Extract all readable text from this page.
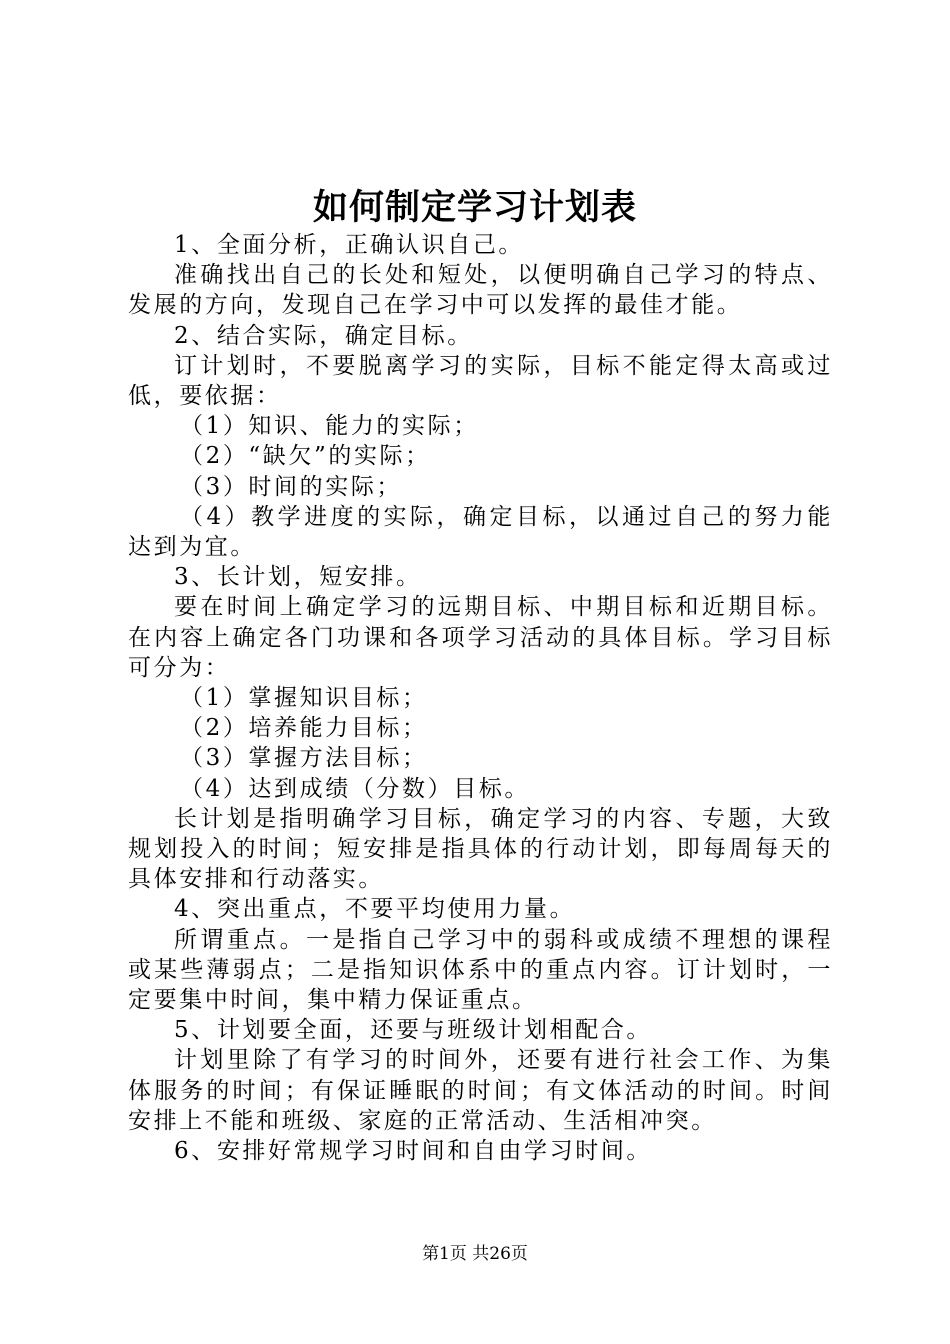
如何制定学习计划表

1、全面分析，正确认识自己。

准确找出自己的长处和短处，以便明确自己学习的特点、发展的方向，发现自己在学习中可以发挥的最佳才能。

2、结合实际，确定目标。

订计划时，不要脱离学习的实际，目标不能定得太高或过低，要依据：

（1）知识、能力的实际；

（2）“缺欠”的实际；

（3）时间的实际；

（4）教学进度的实际，确定目标，以通过自己的努力能达到为宜。

3、长计划，短安排。

要在时间上确定学习的远期目标、中期目标和近期目标。在内容上确定各门功课和各项学习活动的具体目标。学习目标可分为：

（1）掌握知识目标；

（2）培养能力目标；

（3）掌握方法目标；

（4）达到成绩（分数）目标。

长计划是指明确学习目标，确定学习的内容、专题，大致规划投入的时间；短安排是指具体的行动计划，即每周每天的具体安排和行动落实。

4、突出重点，不要平均使用力量。

所谓重点。一是指自己学习中的弱科或成绩不理想的课程或某些薄弱点；二是指知识体系中的重点内容。订计划时，一定要集中时间，集中精力保证重点。

5、计划要全面，还要与班级计划相配合。

计划里除了有学习的时间外，还要有进行社会工作、为集体服务的时间；有保证睡眠的时间；有文体活动的时间。时间安排上不能和班级、家庭的正常活动、生活相冲突。

6、安排好常规学习时间和自由学习时间。

第1页 共26页
